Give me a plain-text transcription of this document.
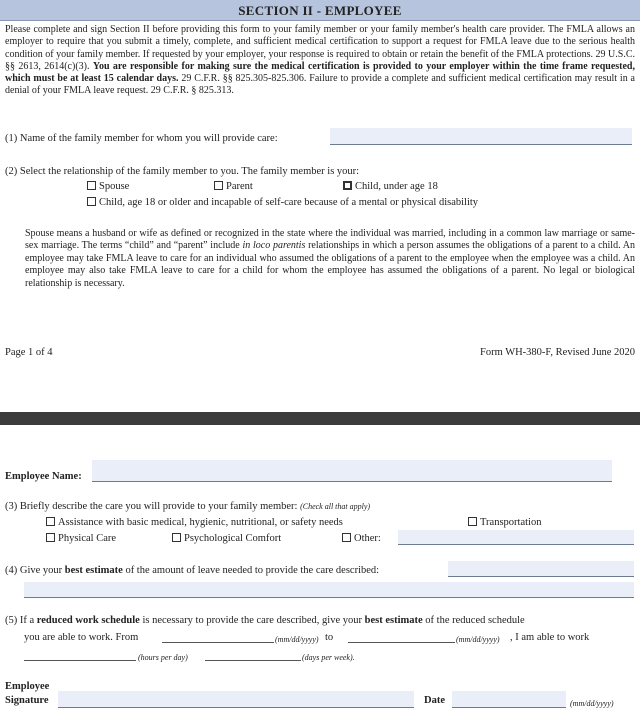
SECTION II - EMPLOYEE
Please complete and sign Section II before providing this form to your family member or your family member's health care provider. The FMLA allows an employer to require that you submit a timely, complete, and sufficient medical certification to support a request for FMLA leave due to the serious health condition of your family member. If requested by your employer, your response is required to obtain or retain the benefit of the FMLA protections. 29 U.S.C. §§ 2613, 2614(c)(3). You are responsible for making sure the medical certification is provided to your employer within the time frame requested, which must be at least 15 calendar days. 29 C.F.R. §§ 825.305-825.306. Failure to provide a complete and sufficient medical certification may result in a denial of your FMLA leave request. 29 C.F.R. § 825.313.
(1) Name of the family member for whom you will provide care:
(2) Select the relationship of the family member to you. The family member is your:
Spouse	Parent	Child, under age 18
Child, age 18 or older and incapable of self-care because of a mental or physical disability
Spouse means a husband or wife as defined or recognized in the state where the individual was married, including in a common law marriage or same-sex marriage. The terms “child” and “parent” include in loco parentis relationships in which a person assumes the obligations of a parent to a child. An employee may take FMLA leave to care for an individual who assumed the obligations of a parent to the employee when the employee was a child. An employee may also take FMLA leave to care for a child for whom the employee has assumed the obligations of a parent. No legal or biological relationship is necessary.
Page 1 of 4	Form WH-380-F, Revised June 2020
Employee Name:
(3) Briefly describe the care you will provide to your family member: (Check all that apply)
Assistance with basic medical, hygienic, nutritional, or safety needs	Transportation
Physical Care	Psychological Comfort	Other:
(4) Give your best estimate of the amount of leave needed to provide the care described:
(5) If a reduced work schedule is necessary to provide the care described, give your best estimate of the reduced schedule
you are able to work. From	(mm/dd/yyyy) to	(mm/dd/yyyy) , I am able to work
(hours per day)	(days per week).
Employee
Signature	Date	(mm/dd/yyyy)
